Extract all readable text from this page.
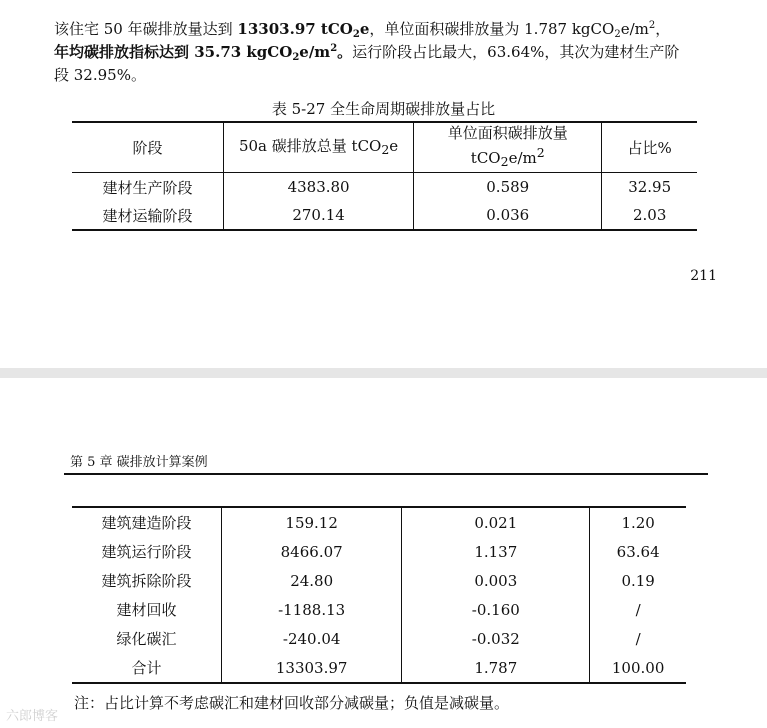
该住宅 50 年碳排放量达到 13303.97 tCO$_2$e，单位面积碳排放量为 1.787 $kgCO_2e/m^2$，
年均碳排放指标达到 35.73 $kgCO_2e/m^2$。运行阶段占比最大，63.64%，其次为建材生产阶
段 32.95%。
表 5-27 全生命周期碳排放量占比
阶段	50a 碳排放总量 tCO$_2$e	单位面积碳排放量
$tCO_2e/m^2$	占比%
建材生产阶段	4383.80	0.589	32.95
建材运输阶段	270.14	0.036	2.03
211
第 5 章 碳排放计算案例
建筑建造阶段	159.12	0.021	1.20
建筑运行阶段	8466.07	1.137	63.64
建筑拆除阶段	24.80	0.003	0.19
建材回收	-1188.13	-0.160	/
绿化碳汇	-240.04	-0.032	/
合计	13303.97	1.787	100.00
注：占比计算不考虑碳汇和建材回收部分减碳量；负值是减碳量。
六郎博客
